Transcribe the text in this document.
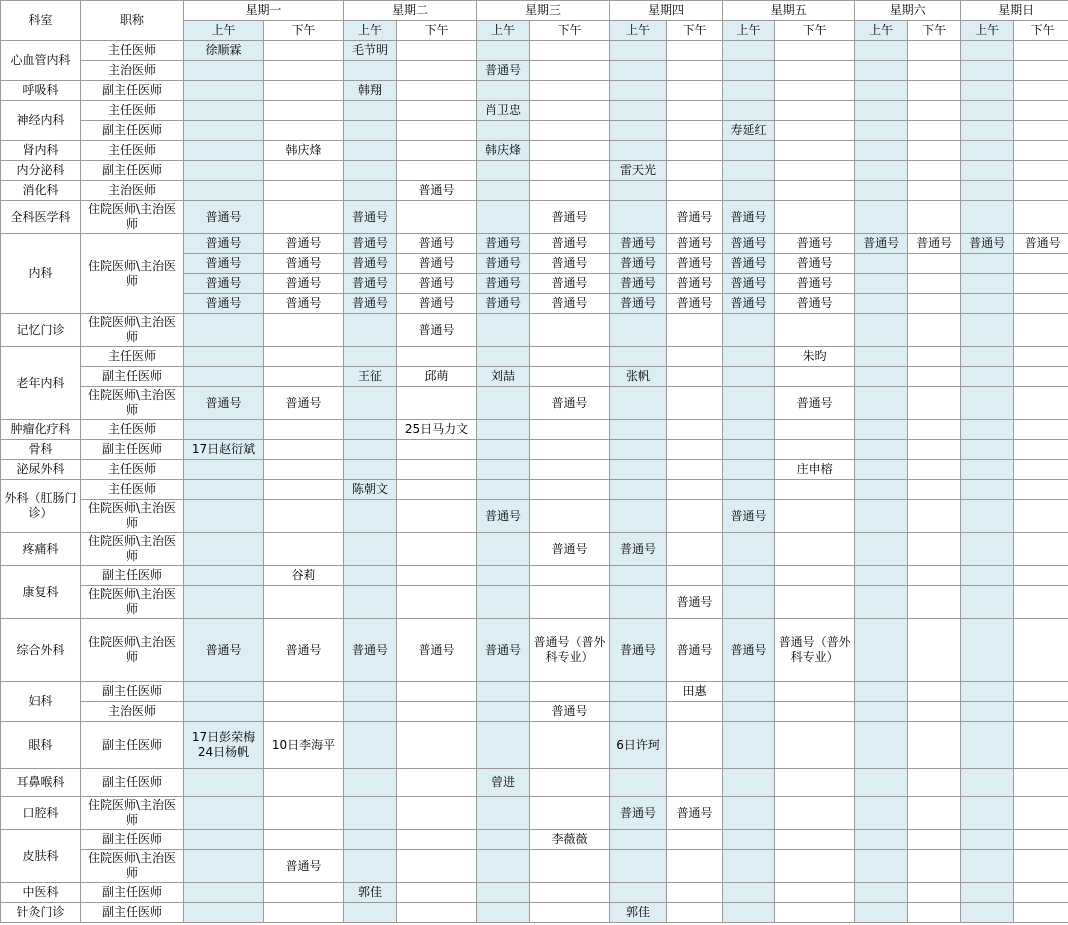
科室	职称	星期一		星期二		星期三		星期四		星期五		星期六		星期日	
		上午	下午	上午	下午	上午	下午	上午	下午	上午	下午	上午	下午	上午	下午
心血管内科	主任医师	徐顺霖		毛节明											
	主治医师					普通号									
呼吸科	副主任医师			韩翔											
神经内科	主任医师					肖卫忠									
	副主任医师									寿延红					
肾内科	主任医师		韩庆烽			韩庆烽									
内分泌科	副主任医师							雷天光							
消化科	主治医师				普通号										
全科医学科	住院医师\主治医师	普通号		普通号			普通号		普通号	普通号					
内科	住院医师\主治医师	普通号	普通号	普通号	普通号	普通号	普通号	普通号	普通号	普通号	普通号	普通号	普通号	普通号	普通号
		普通号	普通号	普通号	普通号	普通号	普通号	普通号	普通号	普通号	普通号				
		普通号	普通号	普通号	普通号	普通号	普通号	普通号	普通号	普通号	普通号				
		普通号	普通号	普通号	普通号	普通号	普通号	普通号	普通号	普通号	普通号				
记忆门诊	住院医师\主治医师				普通号										
老年内科	主任医师										朱昀				
	副主任医师			王征	邱萌	刘喆		张帆							
	住院医师\主治医师	普通号	普通号				普通号				普通号				
肿瘤化疗科	主任医师				25日马力文										
骨科	副主任医师	17日赵衍斌													
泌尿外科	主任医师										庄申榕				
外科（肛肠门诊）	主任医师			陈朝文											
	住院医师\主治医师					普通号				普通号					
疼痛科	住院医师\主治医师						普通号	普通号							
康复科	副主任医师		谷莉												
	住院医师\主治医师								普通号						
综合外科	住院医师\主治医师	普通号	普通号	普通号	普通号	普通号	普通号（普外科专业）	普通号	普通号	普通号	普通号（普外科专业）				
妇科	副主任医师								田惠						
	主治医师						普通号								
眼科	副主任医师	17日彭荣梅24日杨帆	10日李海平					6日许珂							
耳鼻喉科	副主任医师					曾进									
口腔科	住院医师\主治医师							普通号	普通号						
皮肤科	副主任医师						李薇薇								
	住院医师\主治医师		普通号												
中医科	副主任医师			郭佳											
针灸门诊	副主任医师							郭佳							
